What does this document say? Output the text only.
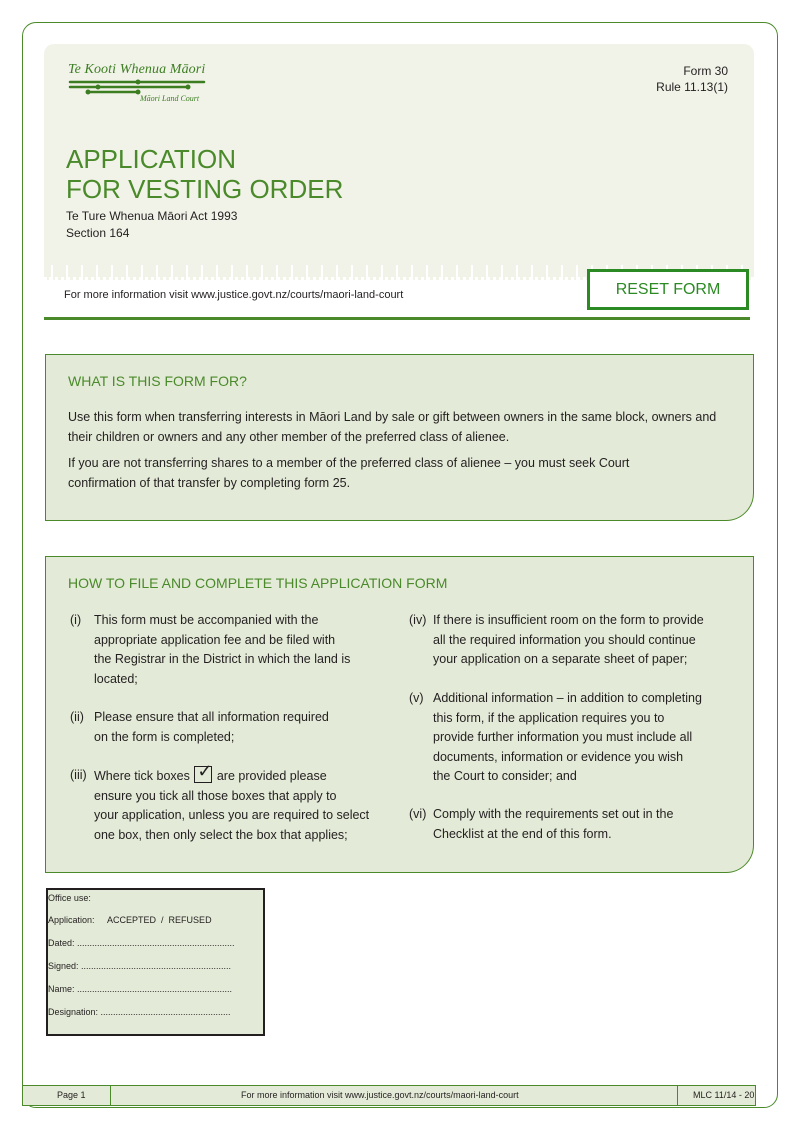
Te Kooti Whenua Māori
Māori Land Court
Form 30
Rule 11.13(1)
APPLICATION
FOR VESTING ORDER
Te Ture Whenua Māori Act 1993
Section 164
For more information visit www.justice.govt.nz/courts/maori-land-court	RESET FORM
WHAT IS THIS FORM FOR?
Use this form when transferring interests in Māori Land by sale or gift between owners in the same block, owners and
their children or owners and any other member of the preferred class of alienee.
If you are not transferring shares to a member of the preferred class of alienee – you must seek Court
confirmation of that transfer by completing form 25.
HOW TO FILE AND COMPLETE THIS APPLICATION FORM
(i) This form must be accompanied with the
appropriate application fee and be filed with
the Registrar in the District in which the land is
located;
(ii) Please ensure that all information required
on the form is completed;
(iii) Where tick boxes ✓ are provided please
ensure you tick all those boxes that apply to
your application, unless you are required to select
one box, then only select the box that applies;
(iv) If there is insufficient room on the form to provide
all the required information you should continue
your application on a separate sheet of paper;
(v) Additional information – in addition to completing
this form, if the application requires you to
provide further information you must include all
documents, information or evidence you wish
the Court to consider; and
(vi) Comply with the requirements set out in the
Checklist at the end of this form.
Office use:
Application: ACCEPTED  /  REFUSED
Dated: ...............................................................
Signed: ............................................................
Name: ..............................................................
Designation: ....................................................
Page 1	For more information visit www.justice.govt.nz/courts/maori-land-court	MLC 11/14 - 20
